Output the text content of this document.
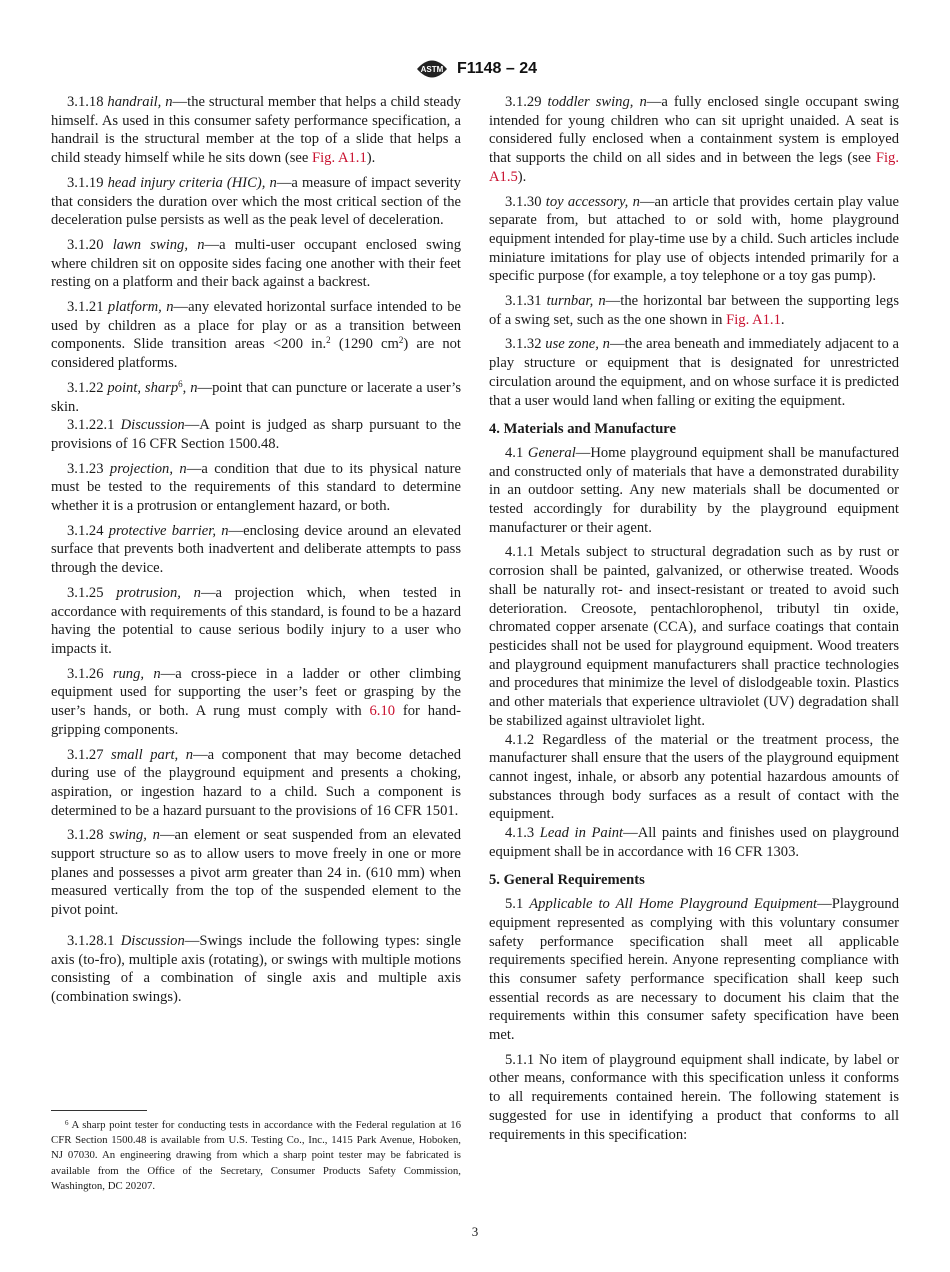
ASTM F1148 – 24

3.1.18 handrail, n—the structural member that helps a child steady himself. As used in this consumer safety performance specification, a handrail is the structural member at the top of a slide that helps a child steady himself while he sits down (see Fig. A1.1).

3.1.19 head injury criteria (HIC), n—a measure of impact severity that considers the duration over which the most critical section of the deceleration pulse persists as well as the peak level of deceleration.

3.1.20 lawn swing, n—a multi-user occupant enclosed swing where children sit on opposite sides facing one another with their feet resting on a platform and their back against a backrest.

3.1.21 platform, n—any elevated horizontal surface intended to be used by children as a place for play or as a transition between components. Slide transition areas <200 in.$^2$ (1290 $cm^2$) are not considered platforms.

3.1.22 point, sharp$^6$, n—point that can puncture or lacerate a user’s skin.

3.1.22.1 Discussion—A point is judged as sharp pursuant to the provisions of 16 CFR Section 1500.48.

3.1.23 projection, n—a condition that due to its physical nature must be tested to the requirements of this standard to determine whether it is a protrusion or entanglement hazard, or both.

3.1.24 protective barrier, n—enclosing device around an elevated surface that prevents both inadvertent and deliberate attempts to pass through the device.

3.1.25 protrusion, n—a projection which, when tested in accordance with requirements of this standard, is found to be a hazard having the potential to cause serious bodily injury to a user who impacts it.

3.1.26 rung, n—a cross-piece in a ladder or other climbing equipment used for supporting the user’s feet or grasping by the user’s hands, or both. A rung must comply with 6.10 for hand-gripping components.

3.1.27 small part, n—a component that may become detached during use of the playground equipment and presents a choking, aspiration, or ingestion hazard to a child. Such a component is determined to be a hazard pursuant to the provisions of 16 CFR 1501.

3.1.28 swing, n—an element or seat suspended from an elevated support structure so as to allow users to move freely in one or more planes and possesses a pivot arm greater than 24 in. (610 mm) when measured vertically from the top of the suspended element to the pivot point.

3.1.28.1 Discussion—Swings include the following types: single axis (to-fro), multiple axis (rotating), or swings with multiple motions consisting of a combination of single axis and multiple axis (combination swings).

3.1.29 toddler swing, n—a fully enclosed single occupant swing intended for young children who can sit upright unaided. A seat is considered fully enclosed when a containment system is employed that supports the child on all sides and in between the legs (see Fig. A1.5).

3.1.30 toy accessory, n—an article that provides certain play value separate from, but attached to or sold with, home playground equipment intended for play-time use by a child. Such articles include miniature imitations for play use of objects intended primarily for a specific purpose (for example, a toy telephone or a toy gas pump).

3.1.31 turnbar, n—the horizontal bar between the supporting legs of a swing set, such as the one shown in Fig. A1.1.

3.1.32 use zone, n—the area beneath and immediately adjacent to a play structure or equipment that is designated for unrestricted circulation around the equipment, and on whose surface it is predicted that a user would land when falling or exiting the equipment.

4. Materials and Manufacture

4.1 General—Home playground equipment shall be manufactured and constructed only of materials that have a demonstrated durability in an outdoor setting. Any new materials shall be documented or tested accordingly for durability by the playground equipment manufacturer or their agent.

4.1.1 Metals subject to structural degradation such as by rust or corrosion shall be painted, galvanized, or otherwise treated. Woods shall be naturally rot- and insect-resistant or treated to avoid such deterioration. Creosote, pentachlorophenol, tributyl tin oxide, chromated copper arsenate (CCA), and surface coatings that contain pesticides shall not be used for playground equipment. Wood treaters and playground equipment manufacturers shall practice technologies and procedures that minimize the level of dislodgeable toxin. Plastics and other materials that experience ultraviolet (UV) degradation shall be stabilized against ultraviolet light.

4.1.2 Regardless of the material or the treatment process, the manufacturer shall ensure that the users of the playground equipment cannot ingest, inhale, or absorb any potential hazardous amounts of substances through body surfaces as a result of contact with the equipment.

4.1.3 Lead in Paint—All paints and finishes used on playground equipment shall be in accordance with 16 CFR 1303.

5. General Requirements

5.1 Applicable to All Home Playground Equipment—Playground equipment represented as complying with this voluntary consumer safety performance specification shall meet all applicable requirements specified herein. Anyone representing compliance with this consumer safety performance specification shall keep such essential records as are necessary to document his claim that the requirements within this consumer safety specification have been met.

5.1.1 No item of playground equipment shall indicate, by label or other means, conformance with this specification unless it conforms to all requirements contained herein. The following statement is suggested for use in identifying a product that conforms to all requirements in this specification:

$^6$ A sharp point tester for conducting tests in accordance with the Federal regulation at 16 CFR Section 1500.48 is available from U.S. Testing Co., Inc., 1415 Park Avenue, Hoboken, NJ 07030. An engineering drawing from which a sharp point tester may be fabricated is available from the Office of the Secretary, Consumer Products Safety Commission, Washington, DC 20207.
3
